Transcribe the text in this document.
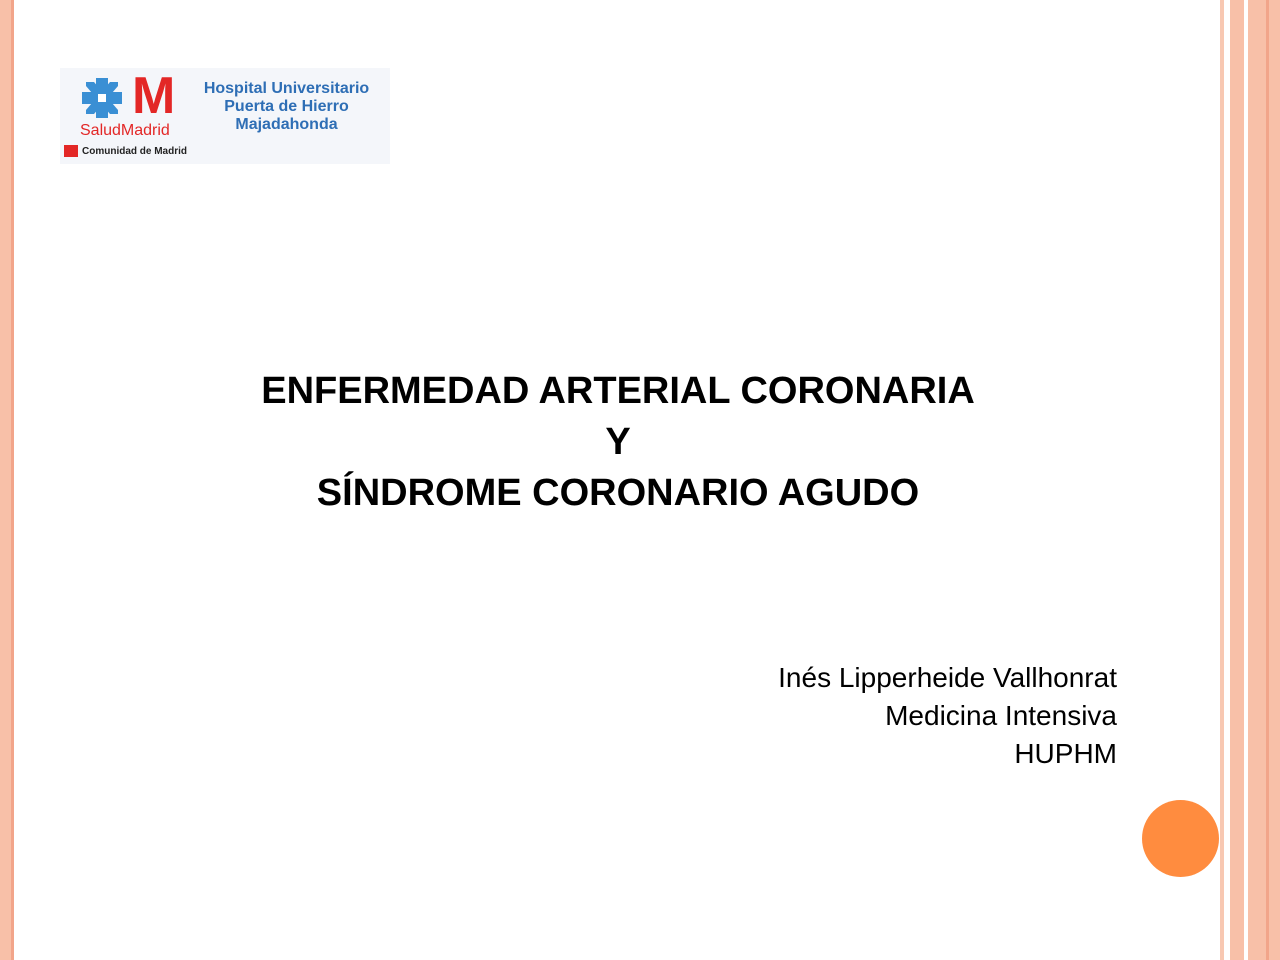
M
SaludMadrid
Hospital Universitario
Puerta de Hierro
Majadahonda
Comunidad de Madrid
ENFERMEDAD ARTERIAL CORONARIA
Y
SÍNDROME CORONARIO AGUDO
Inés Lipperheide Vallhonrat
Medicina Intensiva
HUPHM
